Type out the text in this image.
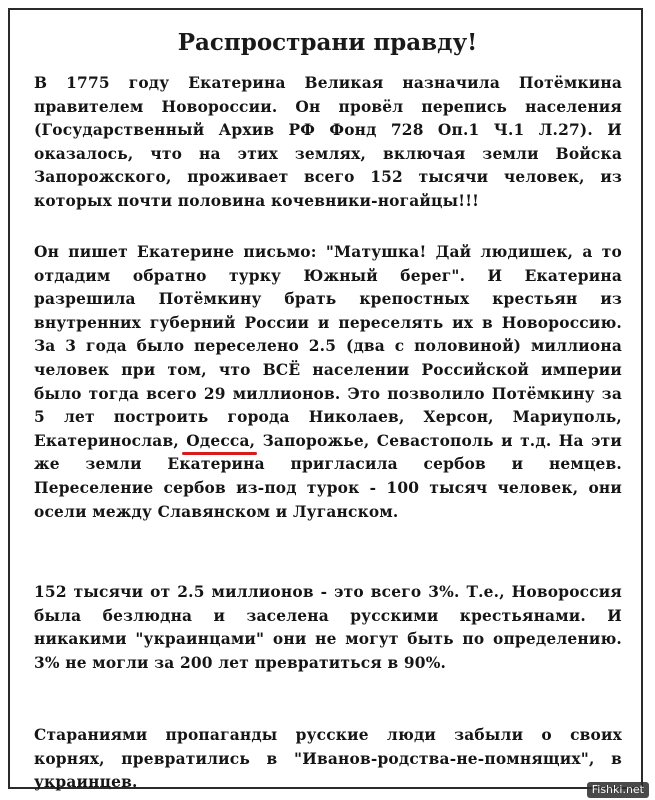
Распространи правду!

В 1775 году Екатерина Великая назначила Потёмкина правителем Новороссии. Он провёл перепись населения (Государственный Архив РФ Фонд 728 Оп.1 Ч.1 Л.27). И оказалось, что на этих землях, включая земли Войска Запорожского, проживает всего 152 тысячи человек, из которых почти половина кочевники-ногайцы!!!

Он пишет Екатерине письмо: "Матушка! Дай людишек, а то отдадим обратно турку Южный берег". И Екатерина разрешила Потёмкину брать крепостных крестьян из внутренних губерний России и переселять их в Новороссию. За 3 года было переселено 2.5 (два с половиной) миллиона человек при том, что ВСЁ населении Российской империи было тогда всего 29 миллионов. Это позволило Потёмкину за 5 лет построить города Николаев, Херсон, Мариуполь, Екатеринослав, Одесса,
Запорожье, Севастополь и т.д. На эти же земли Екатерина пригласила сербов и немцев. Переселение сербов из-под турок - 100 тысяч человек, они осели между Славянском и Луганском.

152 тысячи от 2.5 миллионов - это всего 3%. Т.е., Новороссия была безлюдна и заселена русскими крестьянами. И никакими "украинцами" они не могут быть по определению. 3% не могли за 200 лет превратиться в 90%.

Стараниями пропаганды русские люди забыли о своих корнях, превратились в "Иванов-родства-не-помнящих", в украинцев.	Fishki.net
